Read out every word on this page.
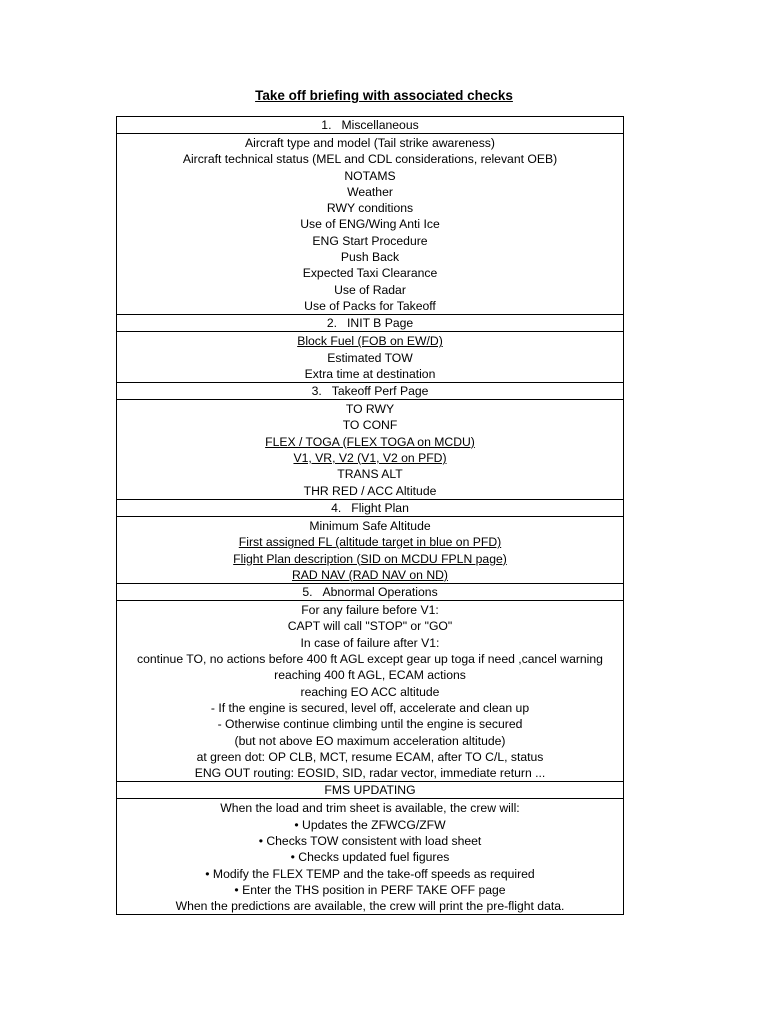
Take off briefing with associated checks
1. Miscellaneous
Aircraft type and model (Tail strike awareness)
Aircraft technical status (MEL and CDL considerations, relevant OEB)
NOTAMS
Weather
RWY conditions
Use of ENG/Wing Anti Ice
ENG Start Procedure
Push Back
Expected Taxi Clearance
Use of Radar
Use of Packs for Takeoff
2. INIT B Page
Block Fuel (FOB on EW/D)
Estimated TOW
Extra time at destination
3. Takeoff Perf Page
TO RWY
TO CONF
FLEX / TOGA (FLEX TOGA on MCDU)
V1, VR, V2 (V1, V2 on PFD)
TRANS ALT
THR RED / ACC Altitude
4. Flight Plan
Minimum Safe Altitude
First assigned FL (altitude target in blue on PFD)
Flight Plan description (SID on MCDU FPLN page)
RAD NAV (RAD NAV on ND)
5. Abnormal Operations
For any failure before V1:
CAPT will call "STOP" or "GO"
In case of failure after V1:
continue TO, no actions before 400 ft AGL except gear up toga if need ,cancel warning
reaching 400 ft AGL, ECAM actions
reaching EO ACC altitude
- If the engine is secured, level off, accelerate and clean up
- Otherwise continue climbing until the engine is secured
(but not above EO maximum acceleration altitude)
at green dot: OP CLB, MCT, resume ECAM, after TO C/L, status
ENG OUT routing: EOSID, SID, radar vector, immediate return ...
FMS UPDATING
When the load and trim sheet is available, the crew will:
• Updates the ZFWCG/ZFW
• Checks TOW consistent with load sheet
• Checks updated fuel figures
• Modify the FLEX TEMP and the take-off speeds as required
• Enter the THS position in PERF TAKE OFF page
When the predictions are available, the crew will print the pre-flight data.
